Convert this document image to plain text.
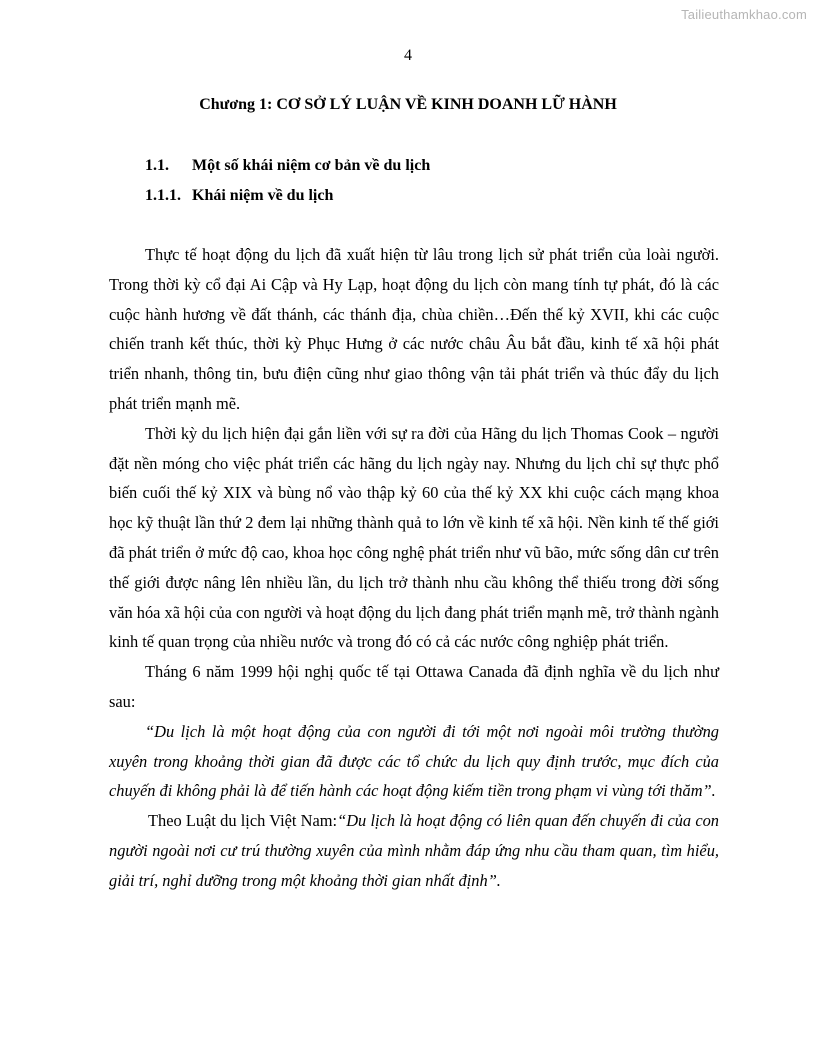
Tailieuthamkhao.com
4
Chương 1: CƠ SỞ LÝ LUẬN VỀ KINH DOANH LỮ HÀNH
1.1. Một số khái niệm cơ bản về du lịch
1.1.1. Khái niệm về du lịch

Thực tế hoạt động du lịch đã xuất hiện từ lâu trong lịch sử phát triển của loài người. Trong thời kỳ cổ đại Ai Cập và Hy Lạp, hoạt động du lịch còn mang tính tự phát, đó là các cuộc hành hương về đất thánh, các thánh địa, chùa chiền…Đến thế kỷ XVII, khi các cuộc chiến tranh kết thúc, thời kỳ Phục Hưng ở các nước châu Âu bắt đầu, kinh tế xã hội phát triển nhanh, thông tin, bưu điện cũng như giao thông vận tải phát triển và thúc đẩy du lịch phát triển mạnh mẽ.

Thời kỳ du lịch hiện đại gắn liền với sự ra đời của Hãng du lịch Thomas Cook – người đặt nền móng cho việc phát triển các hãng du lịch ngày nay. Nhưng du lịch chỉ sự thực phổ biến cuối thế kỷ XIX và bùng nổ vào thập kỷ 60 của thế kỷ XX khi cuộc cách mạng khoa học kỹ thuật lần thứ 2 đem lại những thành quả to lớn về kinh tế xã hội. Nền kinh tế thế giới đã phát triển ở mức độ cao, khoa học công nghệ phát triển như vũ bão, mức sống dân cư trên thế giới được nâng lên nhiều lần, du lịch trở thành nhu cầu không thể thiếu trong đời sống văn hóa xã hội của con người và hoạt động du lịch đang phát triển mạnh mẽ, trở thành ngành kinh tế quan trọng của nhiều nước và trong đó có cả các nước công nghiệp phát triển.

Tháng 6 năm 1999 hội nghị quốc tế tại Ottawa Canada đã định nghĩa về du lịch như sau:

“Du lịch là một hoạt động của con người đi tới một nơi ngoài môi trường thường xuyên trong khoảng thời gian đã được các tổ chức du lịch quy định trước, mục đích của chuyến đi không phải là để tiến hành các hoạt động kiếm tiền trong phạm vi vùng tới thăm”.

Theo Luật du lịch Việt Nam:“Du lịch là hoạt động có liên quan đến chuyến đi của con người ngoài nơi cư trú thường xuyên của mình nhằm đáp ứng nhu cầu tham quan, tìm hiểu, giải trí, nghỉ dưỡng trong một khoảng thời gian nhất định”.
